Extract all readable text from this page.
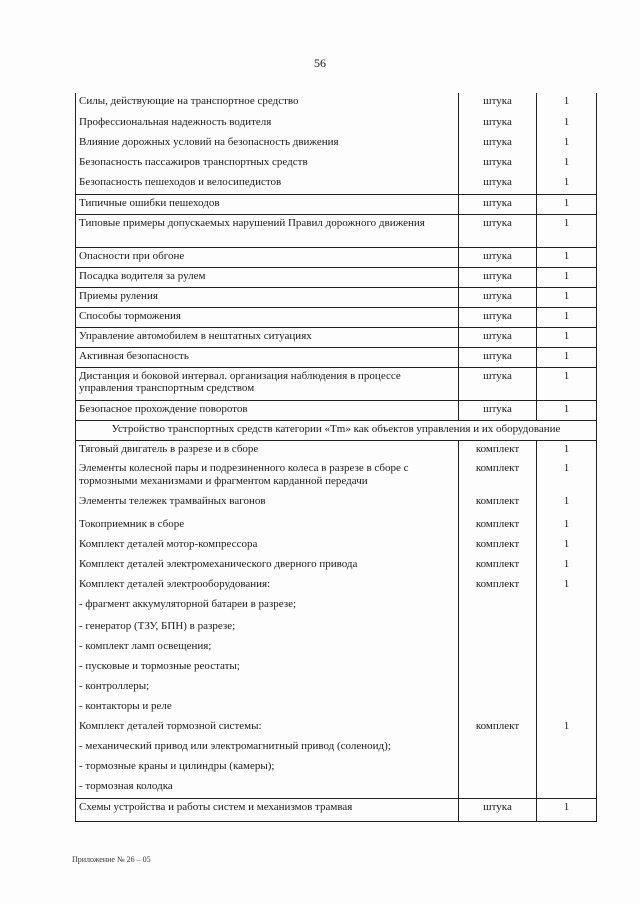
56
Силы, действующие на транспортное средство	штука	1
Профессиональная надежность водителя	штука	1
Влияние дорожных условий на безопасность движения	штука	1
Безопасность пассажиров транспортных средств	штука	1
Безопасность пешеходов и велосипедистов	штука	1
Типичные ошибки пешеходов	штука	1
Типовые примеры допускаемых нарушений Правил дорожного движения	штука	1
Опасности при обгоне	штука	1
Посадка водителя за рулем	штука	1
Приемы руления	штука	1
Способы торможения	штука	1
Управление автомобилем в нештатных ситуациях	штука	1
Активная безопасность	штука	1
Дистанция и боковой интервал. организация наблюдения в процессе управления транспортным средством	штука	1
Безопасное прохождение поворотов	штука	1
Устройство транспортных средств категории «Tm» как объектов управления и их оборудование		
Тяговый двигатель в разрезе и в сборе	комплект	1
Элементы колесной пары и подрезиненного колеса в разрезе в сборе с тормозными механизмами и фрагментом карданной передачи	комплект	1
Элементы тележек трамвайных вагонов	комплект	1
Токоприемник в сборе	комплект	1
Комплект деталей мотор-компрессора	комплект	1
Комплект деталей электромеханического дверного привода	комплект	1
Комплект деталей электрооборудования:	комплект	1
- фрагмент аккумуляторной батареи в разрезе;		
- генератор (ТЗУ, БПН) в разрезе;		
- комплект ламп освещения;		
- пусковые и тормозные реостаты;		
- контроллеры;		
- контакторы и реле		
Комплект деталей тормозной системы:	комплект	1
- механический привод или электромагнитный привод (соленоид);		
- тормозные краны и цилиндры (камеры);		
- тормозная колодка		
Схемы устройства и работы систем и механизмов трамвая	штука	1
Приложение № 26 – 05
